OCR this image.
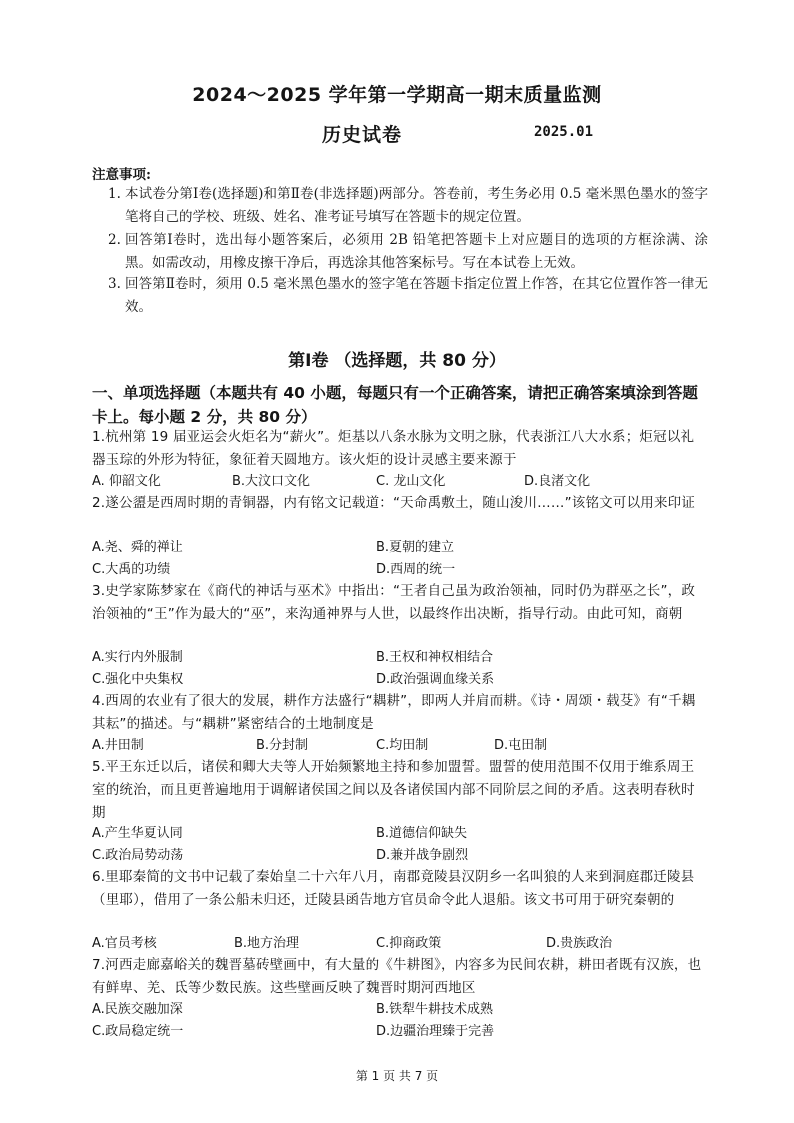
2024～2025 学年第一学期高一期末质量监测
历史试卷	2025.01
注意事项:
1. 本试卷分第Ⅰ卷(选择题)和第Ⅱ卷(非选择题)两部分。答卷前，考生务必用 0.5 毫米黑色墨水的签字笔将自己的学校、班级、姓名、准考证号填写在答题卡的规定位置。
2. 回答第Ⅰ卷时，选出每小题答案后，必须用 2B 铅笔把答题卡上对应题目的选项的方框涂满、涂黑。如需改动，用橡皮擦干净后，再选涂其他答案标号。写在本试卷上无效。
3. 回答第Ⅱ卷时，须用 0.5 毫米黑色墨水的签字笔在答题卡指定位置上作答，在其它位置作答一律无效。
第Ⅰ卷 （选择题，共 80 分）
一、单项选择题（本题共有 40 小题，每题只有一个正确答案，请把正确答案填涂到答题卡上。每小题 2 分，共 80 分）
1.杭州第 19 届亚运会火炬名为“薪火”。炬基以八条水脉为文明之脉，代表浙江八大水系；炬冠以礼器玉琮的外形为特征，象征着天圆地方。该火炬的设计灵感主要来源于
A. 仰韶文化	B.大汶口文化	C. 龙山文化	D.良渚文化
2.遂公盨是西周时期的青铜器，内有铭文记载道：“天命禹敷土，随山浚川……”该铭文可以用来印证
A.尧、舜的禅让	B.夏朝的建立
C.大禹的功绩	D.西周的统一
3.史学家陈梦家在《商代的神话与巫术》中指出：“王者自己虽为政治领袖，同时仍为群巫之长”，政治领袖的“王”作为最大的“巫”，来沟通神界与人世，以最终作出决断，指导行动。由此可知，商朝
A.实行内外服制	B.王权和神权相结合
C.强化中央集权	D.政治强调血缘关系
4.西周的农业有了很大的发展，耕作方法盛行“耦耕”，即两人并肩而耕。《诗・周颂・载芟》有“千耦其耘”的描述。与“耦耕”紧密结合的土地制度是
A.井田制	B.分封制	C.均田制	D.屯田制
5.平王东迁以后，诸侯和卿大夫等人开始频繁地主持和参加盟誓。盟誓的使用范围不仅用于维系周王室的统治，而且更普遍地用于调解诸侯国之间以及各诸侯国内部不同阶层之间的矛盾。这表明春秋时期
A.产生华夏认同	B.道德信仰缺失
C.政治局势动荡	D.兼并战争剧烈
6.里耶秦简的文书中记载了秦始皇二十六年八月，南郡竟陵县汉阴乡一名叫狼的人来到洞庭郡迁陵县（里耶），借用了一条公船未归还，迁陵县函告地方官员命令此人退船。该文书可用于研究秦朝的
A.官员考核	B.地方治理	C.抑商政策	D.贵族政治
7.河西走廊嘉峪关的魏晋墓砖壁画中，有大量的《牛耕图》，内容多为民间农耕，耕田者既有汉族，也有鲜卑、羌、氐等少数民族。这些壁画反映了魏晋时期河西地区
A.民族交融加深	B.铁犁牛耕技术成熟
C.政局稳定统一	D.边疆治理臻于完善
第 1 页 共 7 页
